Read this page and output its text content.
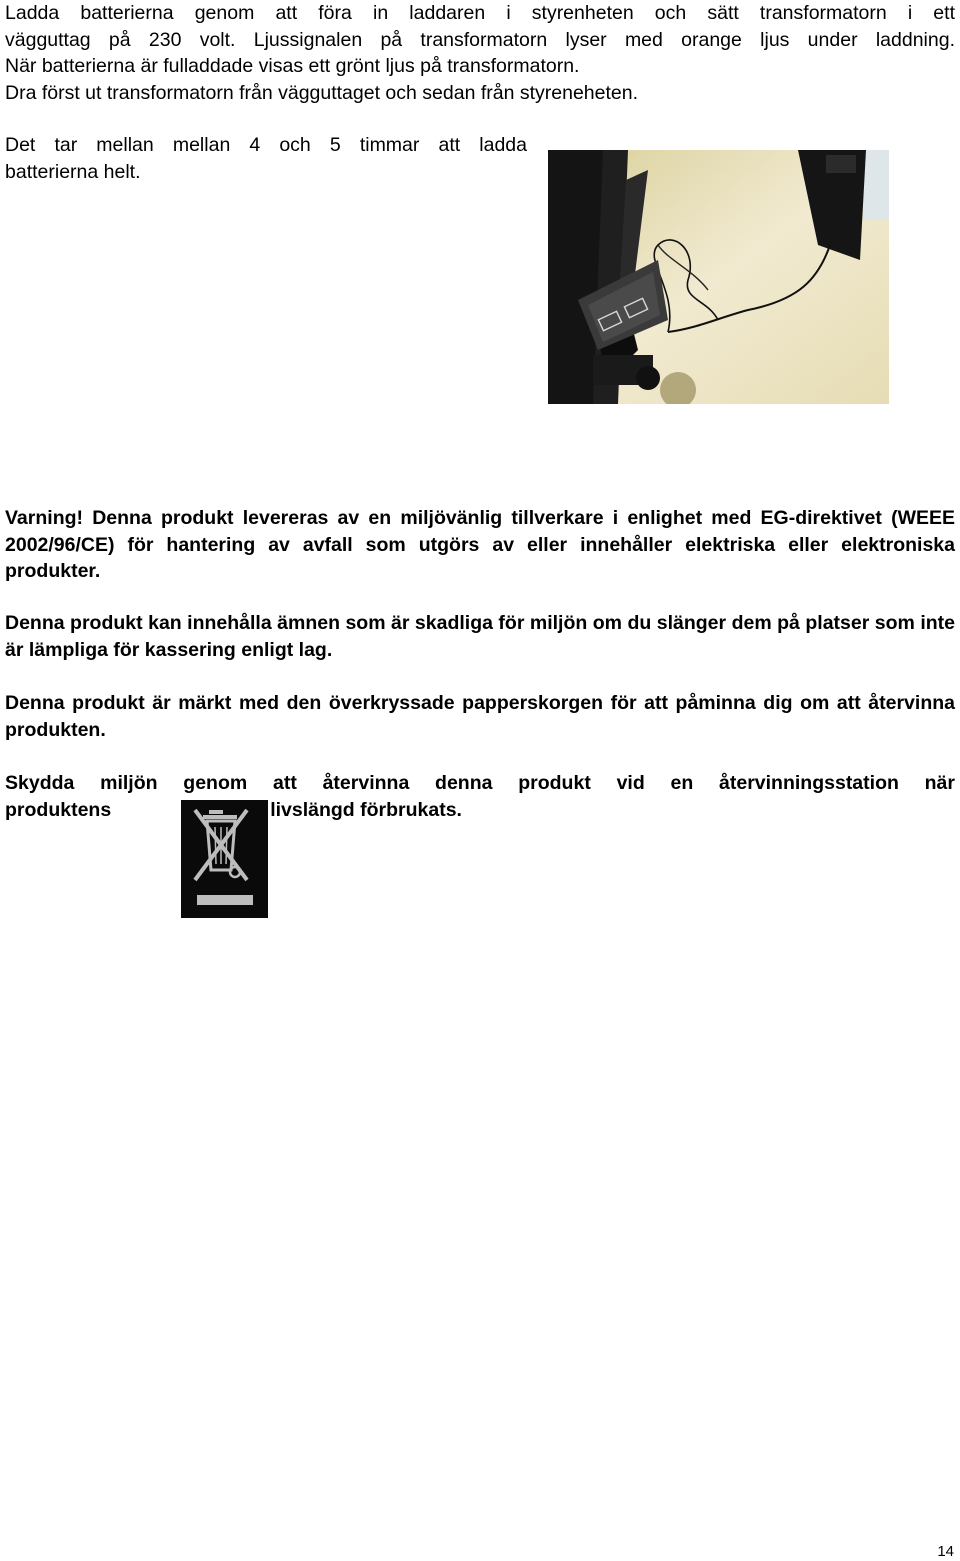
Ladda batterierna genom att föra in laddaren i styrenheten och sätt transformatorn i ett
vägguttag på 230 volt. Ljussignalen på transformatorn lyser med orange ljus under laddning.
När batterierna är fulladdade visas ett grönt ljus på transformatorn.
Dra först ut transformatorn från vägguttaget och sedan från styreneheten.
Det tar mellan mellan 4 och 5 timmar att ladda
batterierna helt.
Varning! Denna produkt levereras av en miljövänlig tillverkare i enlighet med EG-direktivet (WEEE 2002/96/CE) för hantering av avfall som utgörs av eller innehåller elektriska eller elektroniska produkter.
Denna produkt kan innehålla ämnen som är skadliga för miljön om du slänger dem på platser som inte är lämpliga för kassering enligt lag.
Denna produkt är märkt med den överkryssade papperskorgen för att påminna dig om att återvinna produkten.
Skydda miljön genom att återvinna denna produkt vid en återvinningsstation när
produktens	livslängd förbrukats.
14
